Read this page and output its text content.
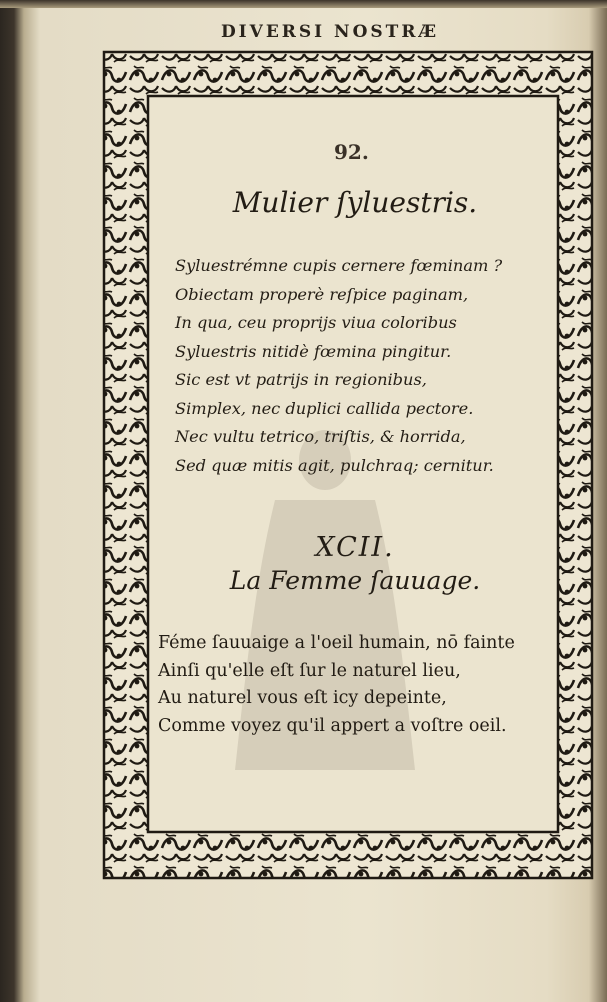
DIVERSI NOSTRÆ
92.
Mulier ſyluestris.
Syluestrémne cupis cernere fœminam ?
Obiectam properè reſpice paginam,
In qua, ceu proprijs viua coloribus
Syluestris nitidè fœmina pingitur.
Sic est vt patrijs in regionibus,
Simplex, nec duplici callida pectore.
Nec vultu tetrico, triſtis, & horrida,
Sed quæ mitis agit, pulchraq; cernitur.
XCII.
La Femme ſauuage.
Féme ſauuaige a l'oeil humain, nō fainte
Ainſi qu'elle eſt ſur le naturel lieu,
Au naturel vous eſt icy depeinte,
Comme voyez qu'il appert a voſtre oeil.
